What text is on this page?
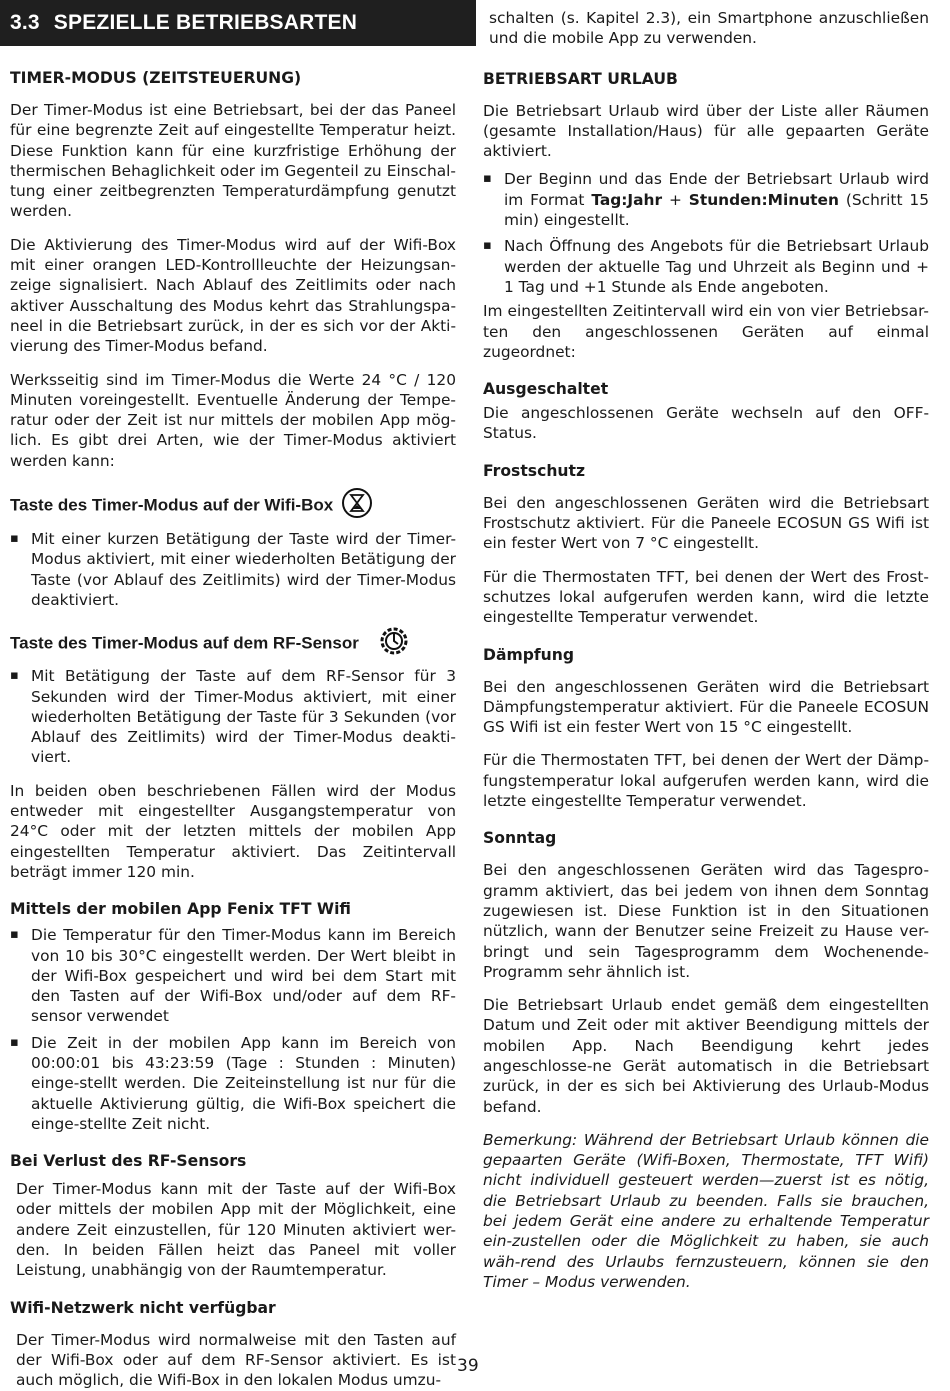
3.3 SPEZIELLE BETRIEBSARTEN
TIMER-MODUS (ZEITSTEUERUNG)

Der Timer-Modus ist eine Betriebsart, bei der das Paneel für eine begrenzte Zeit auf eingestellte Temperatur heizt. Diese Funktion kann für eine kurzfristige Erhöhung der thermischen Behaglichkeit oder im Gegenteil zu Einschal-tung einer zeitbegrenzten Temperaturdämpfung genutzt werden.

Die Aktivierung des Timer-Modus wird auf der Wifi-Box mit einer orangen LED-Kontrollleuchte der Heizungsan-zeige signalisiert. Nach Ablauf des Zeitlimits oder nach aktiver Ausschaltung des Modus kehrt das Strahlungspa-neel in die Betriebsart zurück, in der es sich vor der Akti-vierung des Timer-Modus befand.

Werksseitig sind im Timer-Modus die Werte 24 °C / 120 Minuten voreingestellt. Eventuelle Änderung der Tempe-ratur oder der Zeit ist nur mittels der mobilen App mög-lich. Es gibt drei Arten, wie der Timer-Modus aktiviert werden kann:

Taste des Timer-Modus auf der Wifi-Box
▪ Mit einer kurzen Betätigung der Taste wird der Timer-Modus aktiviert, mit einer wiederholten Betätigung der Taste (vor Ablauf des Zeitlimits) wird der Timer-Modus deaktiviert.
Taste des Timer-Modus auf dem RF-Sensor
▪ Mit Betätigung der Taste auf dem RF-Sensor für 3 Sekunden wird der Timer-Modus aktiviert, mit einer wiederholten Betätigung der Taste für 3 Sekunden (vor Ablauf des Zeitlimits) wird der Timer-Modus deakti-viert.

In beiden oben beschriebenen Fällen wird der Modus entweder mit eingestellter Ausgangstemperatur von 24°C oder mit der letzten mittels der mobilen App eingestellten Temperatur aktiviert. Das Zeitintervall beträgt immer 120 min.

Mittels der mobilen App Fenix TFT Wifi
▪ Die Temperatur für den Timer-Modus kann im Bereich von 10 bis 30°C eingestellt werden. Der Wert bleibt in der Wifi-Box gespeichert und wird bei dem Start mit den Tasten auf der Wifi-Box und/oder auf dem RF-sensor verwendet
▪ Die Zeit in der mobilen App kann im Bereich von 00:00:01 bis 43:23:59 (Tage : Stunden : Minuten) einge-stellt werden. Die Zeiteinstellung ist nur für die aktuelle Aktivierung gültig, die Wifi-Box speichert die einge-stellte Zeit nicht.
Bei Verlust des RF-Sensors

Der Timer-Modus kann mit der Taste auf der Wifi-Box oder mittels der mobilen App mit der Möglichkeit, eine andere Zeit einzustellen, für 120 Minuten aktiviert wer-den. In beiden Fällen heizt das Paneel mit voller Leistung, unabhängig von der Raumtemperatur.

Wifi-Netzwerk nicht verfügbar

Der Timer-Modus wird normalweise mit den Tasten auf der Wifi-Box oder auf dem RF-Sensor aktiviert. Es ist auch möglich, die Wifi-Box in den lokalen Modus umzu-

schalten (s. Kapitel 2.3), ein Smartphone anzuschließen und die mobile App zu verwenden.

BETRIEBSART URLAUB

Die Betriebsart Urlaub wird über der Liste aller Räumen (gesamte Installation/Haus) für alle gepaarten Geräte aktiviert.

▪ Der Beginn und das Ende der Betriebsart Urlaub wird im Format Tag:Jahr + Stunden:Minuten (Schritt 15 min) eingestellt.
▪ Nach Öffnung des Angebots für die Betriebsart Urlaub werden der aktuelle Tag und Uhrzeit als Beginn und + 1 Tag und +1 Stunde als Ende angeboten.

Im eingestellten Zeitintervall wird ein von vier Betriebsar-ten den angeschlossenen Geräten auf einmal zugeordnet:

Ausgeschaltet

Die angeschlossenen Geräte wechseln auf den OFF-Status.

Frostschutz

Bei den angeschlossenen Geräten wird die Betriebsart Frostschutz aktiviert. Für die Paneele ECOSUN GS Wifi ist ein fester Wert von 7 °C eingestellt.

Für die Thermostaten TFT, bei denen der Wert des Frost-schutzes lokal aufgerufen werden kann, wird die letzte eingestellte Temperatur verwendet.

Dämpfung

Bei den angeschlossenen Geräten wird die Betriebsart Dämpfungstemperatur aktiviert. Für die Paneele ECOSUN GS Wifi ist ein fester Wert von 15 °C eingestellt.

Für die Thermostaten TFT, bei denen der Wert der Dämp-fungstemperatur lokal aufgerufen werden kann, wird die letzte eingestellte Temperatur verwendet.

Sonntag

Bei den angeschlossenen Geräten wird das Tagespro-gramm aktiviert, das bei jedem von ihnen dem Sonntag zugewiesen ist. Diese Funktion ist in den Situationen nützlich, wann der Benutzer seine Freizeit zu Hause ver-bringt und sein Tagesprogramm dem Wochenende-Programm sehr ähnlich ist.

Die Betriebsart Urlaub endet gemäß dem eingestellten Datum und Zeit oder mit aktiver Beendigung mittels der mobilen App. Nach Beendigung kehrt jedes angeschlosse-ne Gerät automatisch in die Betriebsart zurück, in der es sich bei Aktivierung des Urlaub-Modus befand.

Bemerkung: Während der Betriebsart Urlaub können die gepaarten Geräte (Wifi-Boxen, Thermostate, TFT Wifi) nicht individuell gesteuert werden—zuerst ist es nötig, die Betriebsart Urlaub zu beenden. Falls sie brauchen, bei jedem Gerät eine andere zu erhaltende Temperatur ein-zustellen oder die Möglichkeit zu haben, sie auch wäh-rend des Urlaubs fernzusteuern, können sie den Timer – Modus verwenden.

39
